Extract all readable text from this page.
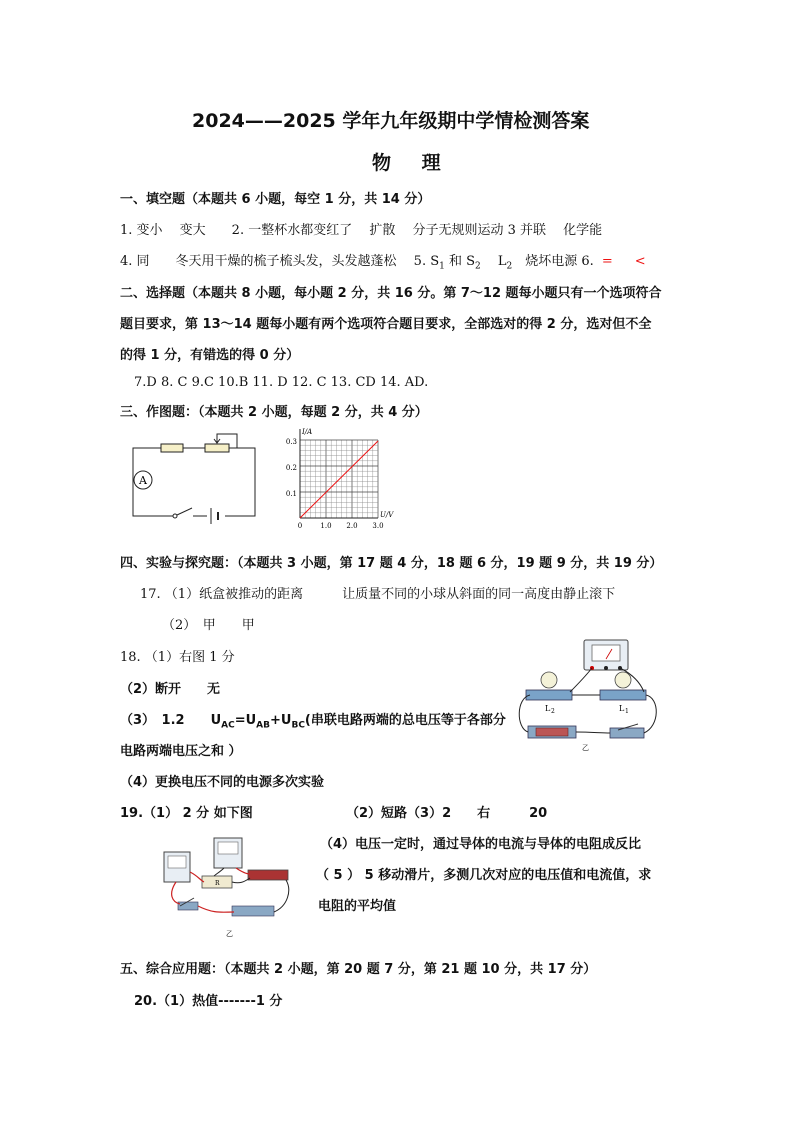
2024——2025 学年九年级期中学情检测答案
物 理
一、填空题（本题共 6 小题，每空 1 分，共 14 分）
1. 变小　 变大　　2. 一整杯水都变红了　 扩散　 分子无规则运动 3 并联　 化学能
4. 同　　冬天用干燥的梳子梳头发，头发越蓬松　 5. $S_1$ 和 $S_2$　 $L_2$　烧坏电源 6. = <
二、选择题（本题共 8 小题，每小题 2 分，共 16 分。第 7～12 题每小题只有一个选项符合
题目要求，第 13～14 题每小题有两个选项符合题目要求，全部选对的得 2 分，选对但不全
的得 1 分，有错选的得 0 分）
7.D 8. C 9.C 10.B 11. D 12. C 13. CD 14. AD.
三、作图题：（本题共 2 小题，每题 2 分，共 4 分）
A
I/A
U/V
0.3
0.2
0.1
0	1.0 2.0 3.0
四、实验与探究题：（本题共 3 小题，第 17 题 4 分，18 题 6 分，19 题 9 分，共 19 分）
17. （1）纸盒被推动的距离　　　让质量不同的小球从斜面的同一高度由静止滚下
（2）　甲　　甲
18. （1）右图 1 分
（2）断开　　无
（3）　1.2　　$U_{AC}=U_{AB}+U_{BC}$(串联电路两端的总电压等于各部分
电路两端电压之和 ）
（4）更换电压不同的电源多次实验
L 2	L 1
乙
19.（1） 2 分 如下图	（2）短路（3）2　　右　　　20
（4）电压一定时，通过导体的电流与导体的电阻成反比
（ 5 ） 5 移动滑片，多测几次对应的电压值和电流值，求
电阻的平均值
R
乙
五、综合应用题：（本题共 2 小题，第 20 题 7 分，第 21 题 10 分，共 17 分）
20.（1）热值-------1 分
